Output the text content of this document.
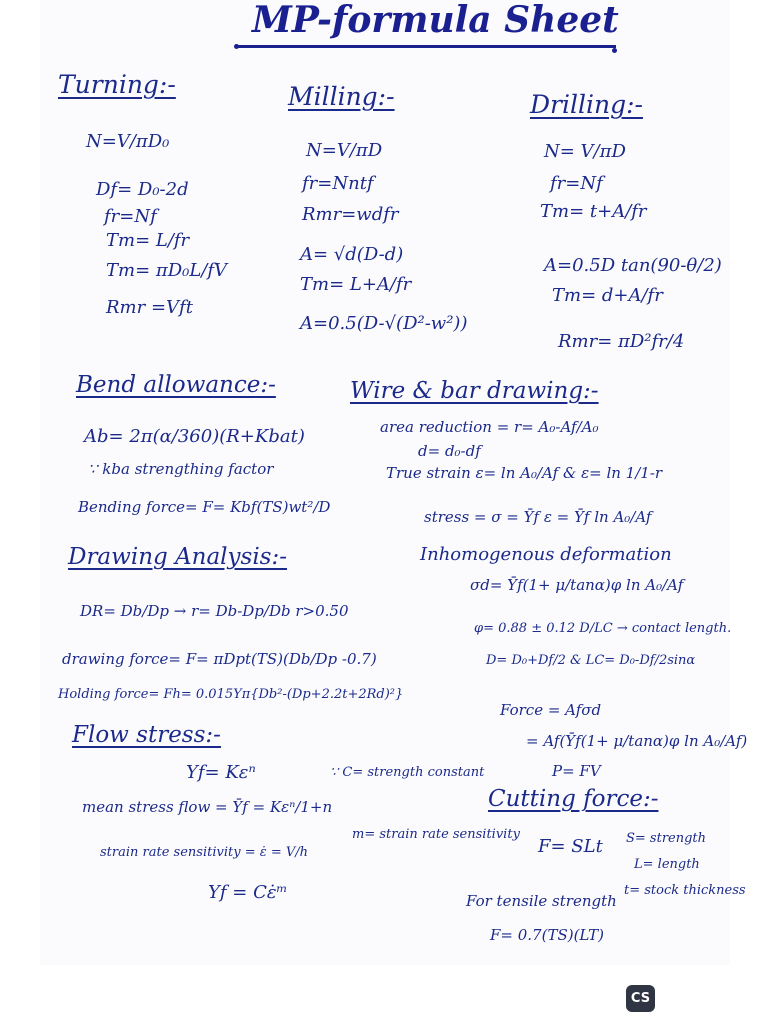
MP-formula Sheet
Turning:-
N=V/πD₀
Df= D₀-2d
fr=Nf
Tm= L/fr
Tm= πD₀L/fV
Rmr =Vft
Milling:-
N=V/πD
fr=Nntf
Rmr=wdfr
A= √d(D-d)
Tm= L+A/fr
A=0.5(D-√(D²-w²))
Drilling:-
N= V/πD
fr=Nf
Tm= t+A/fr
A=0.5D tan(90-θ/2)
Tm= d+A/fr
Rmr= πD²fr/4
Bend allowance:-
Ab= 2π(α/360)(R+Kbat)
∵ kba strengthing factor
Bending force= F= Kbf(TS)wt²/D
Wire & bar drawing:-
area reduction = r= A₀-Af/A₀
d= d₀-df
True strain ε= ln A₀/Af & ε= ln 1/1-r
stress = σ = Ȳf ε = Ȳf ln A₀/Af
Drawing Analysis:-
DR= Db/Dp → r= Db-Dp/Db r>0.50
drawing force= F= πDpt(TS)(Db/Dp -0.7)
Holding force= Fh= 0.015Yπ{Db²-(Dp+2.2t+2Rd)²}
Inhomogenous deformation
σd= Ȳf(1+ μ/tanα)φ ln A₀/Af
φ= 0.88 ± 0.12 D/LC → contact length.
D= D₀+Df/2 & LC= D₀-Df/2sinα
Force = Afσd
= Af(Ȳf(1+ μ/tanα)φ ln A₀/Af)
P= FV
Flow stress:-
Yf= Kεⁿ	∵ C= strength constant
mean stress flow = Ȳf = Kεⁿ/1+n
strain rate sensitivity = ε̇ = V/h
m= strain rate sensitivity
Yf = Cε̇ᵐ
Cutting force:-
F= SLt S= strength
L= length
For tensile strength
t= stock thickness
F= 0.7(TS)(LT)
CS
